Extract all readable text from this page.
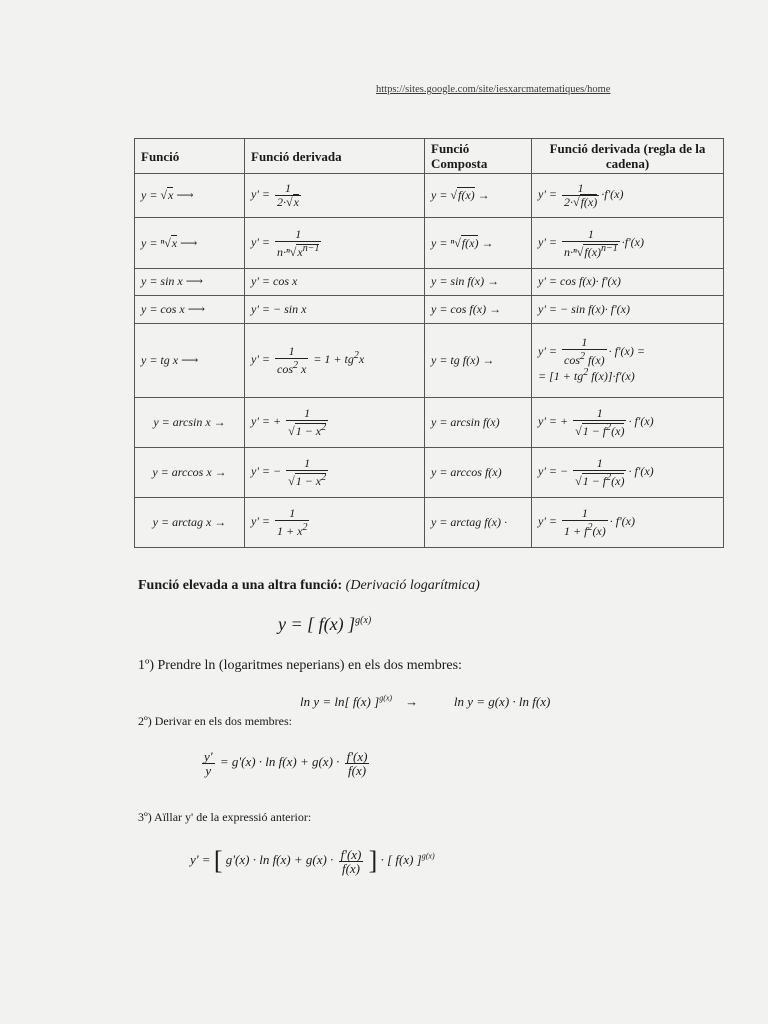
https://sites.google.com/site/iesxarcmatematiques/home
Funció	Funció derivada	Funció Composta	Funció derivada (regla de la cadena)
y = √x ⟶	$y' = \frac{1}{2\cdot√x}$	y = √f(x) →	$y' = \frac{1}{2\cdot√f(x)} \cdot f'(x)$
y = ⁿ√x ⟶	$y' = \frac{1}{n\cdot^n√x^{n-1}}$	y = ⁿ√f(x) →	$y' = \frac{1}{n\cdot^n√f(x)^{n-1}} \cdot f'(x)$
y = sin x ⟶	y' = cos x	y = sin f(x) →	y' = cos f(x)· f'(x)
y = cos x ⟶	y' = − sin x	y = cos f(x) →	y' = − sin f(x)· f'(x)
y = tg x ⟶	$y' = \frac{1}{\cos^2 x} = 1 + tg^2x$	y = tg f(x) →	$y' = \frac{1}{\cos^2 f(x)} \cdot f'(x)$ =
= [$1 + tg^2$ f(x)]·f'(x)
y = arcsin x →	y' = + $\frac{1}{√1 - x^2}$	y = arcsin f(x)	y' = + $\frac{1}{√1 - f^2(x)} \cdot f'(x)$
y = arccos x →	y' = − $\frac{1}{√1 - x^2}$	y = arccos f(x)	y' = − $\frac{1}{√1 - f^2(x)} \cdot f'(x)$
y = arctag x →	$y' = \frac{1}{1 + x^2}$	y = arctag f(x) ·	$y' = \frac{1}{1 + f^2(x)} \cdot f'(x)$
Funció elevada a una altra funció: (Derivació logarítmica)
y = [ f(x) ]$^{g(x)}$
1º) Prendre ln (logaritmes neperians) en els dos membres:
ln y = ln[ f(x) ]$^{g(x)}$    →           ln y = g(x) · ln f(x)
2º) Derivar en els dos membres:
$\frac{y'}{y} = g'(x) \cdot \ln f(x) + g(x) \cdot \frac{f'(x)}{f(x)}$
3º) Aïllar y' de la expressió anterior:
y' = [ $g'(x) \cdot \ln f(x) + g(x) \cdot \frac{f'(x)}{f(x)}$ ] · [ f(x) ]$^{g(x)}$
